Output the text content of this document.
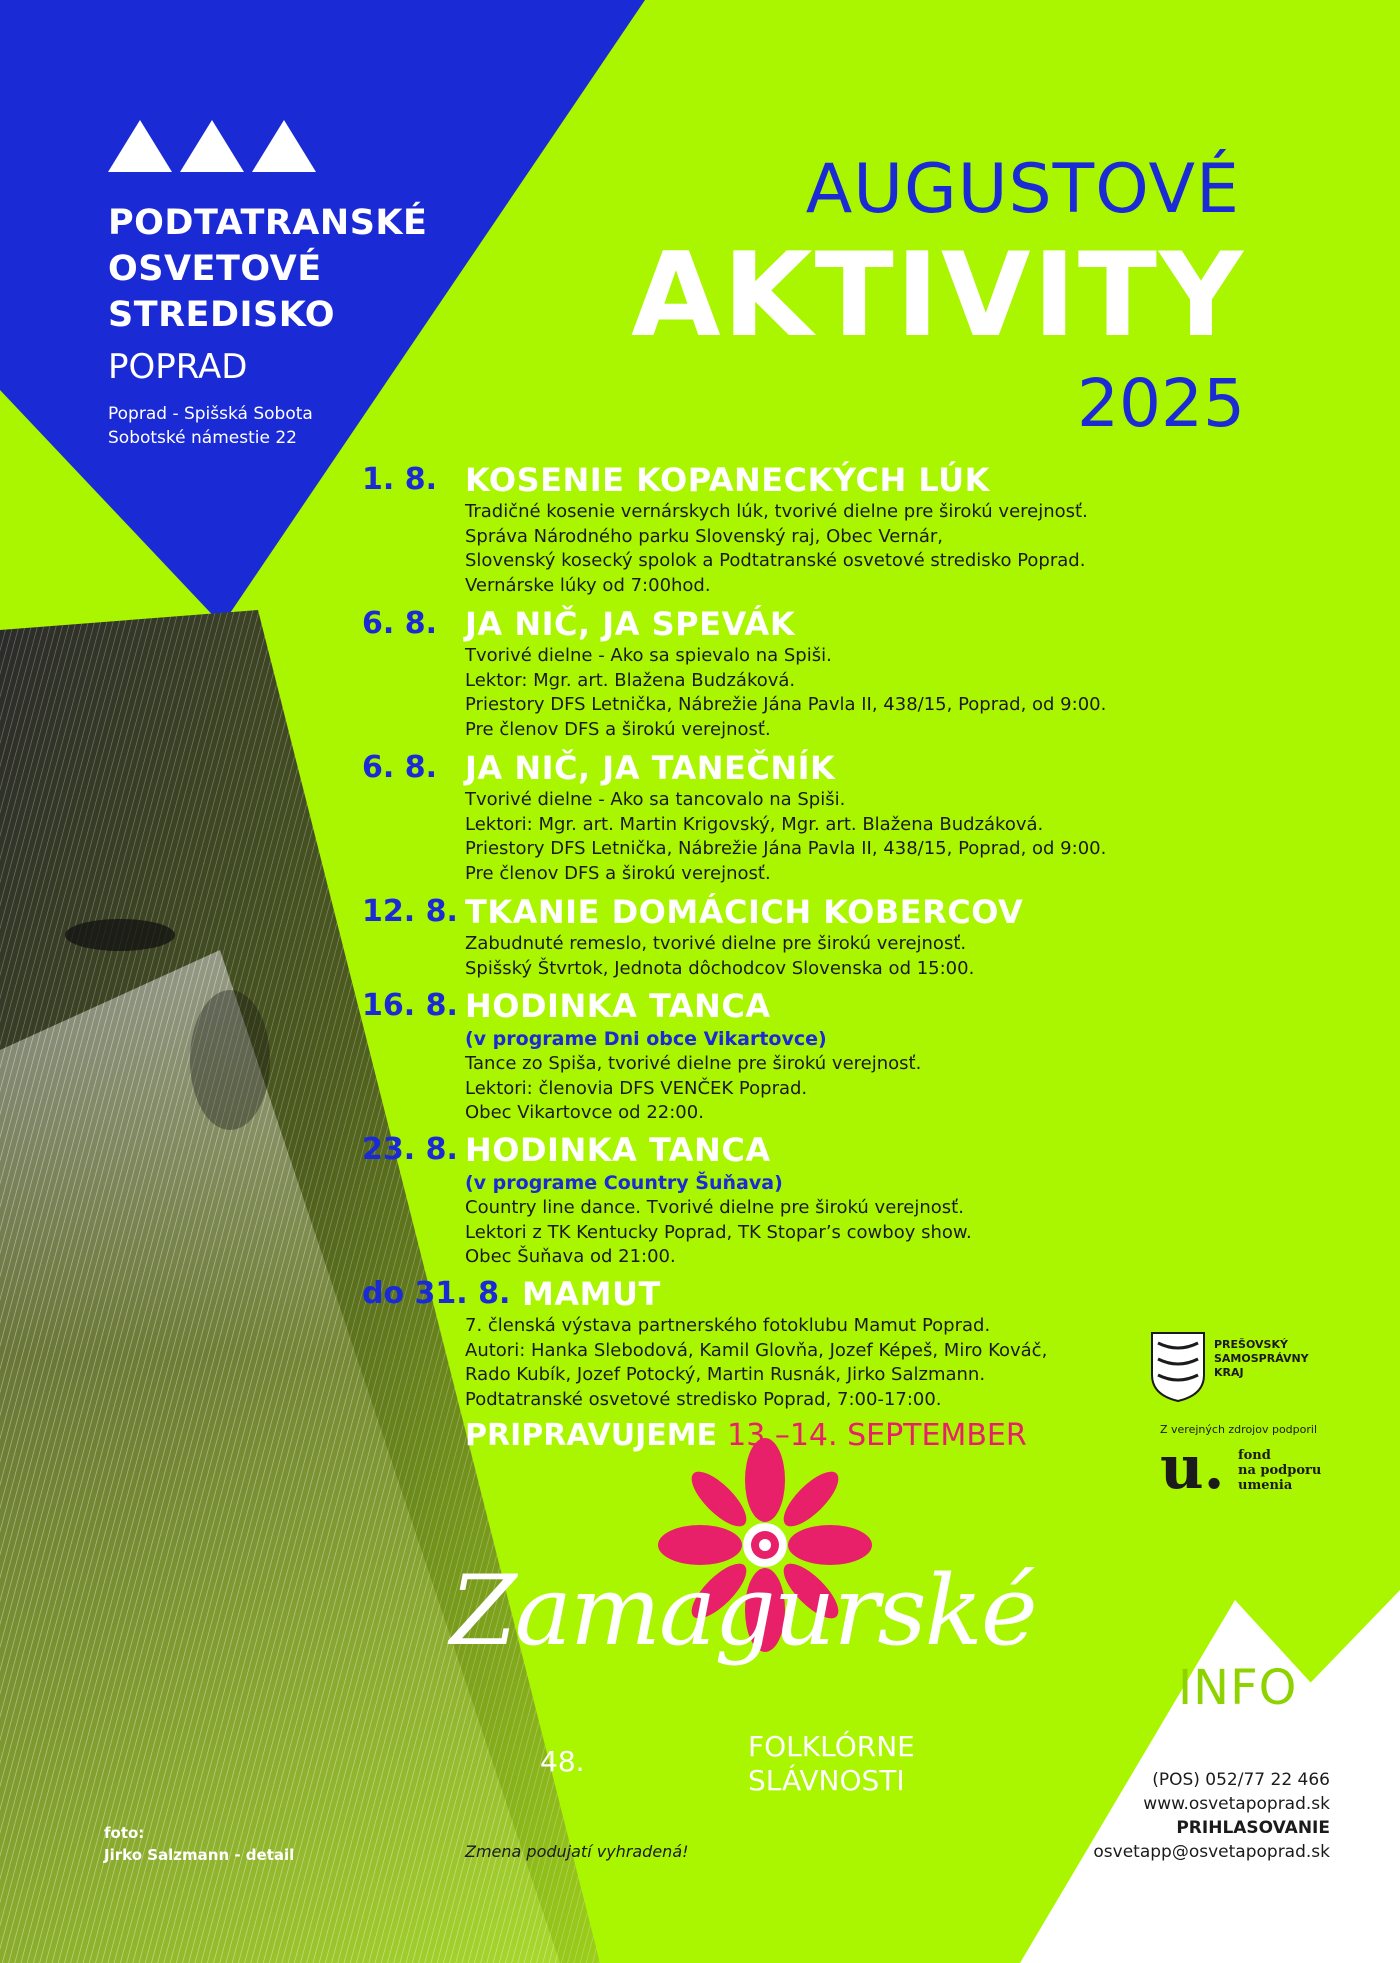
PODTATRANSKÉ
OSVETOVÉ
STREDISKO
POPRAD
Poprad - Spišská Sobota
Sobotské námestie 22
AUGUSTOVÉ
AKTIVITY
2025
1. 8. KOSENIE KOPANECKÝCH LÚK
Tradičné kosenie vernárskych lúk, tvorivé dielne pre širokú verejnosť.
Správa Národného parku Slovenský raj, Obec Vernár,
Slovenský kosecký spolok a Podtatranské osvetové stredisko Poprad.
Vernárske lúky od 7:00hod.
6. 8. JA NIČ, JA SPEVÁK
Tvorivé dielne - Ako sa spievalo na Spiši.
Lektor: Mgr. art. Blažena Budzáková.
Priestory DFS Letnička, Nábrežie Jána Pavla II, 438/15, Poprad, od 9:00.
Pre členov DFS a širokú verejnosť.
6. 8. JA NIČ, JA TANEČNÍK
Tvorivé dielne - Ako sa tancovalo na Spiši.
Lektori: Mgr. art. Martin Krigovský, Mgr. art. Blažena Budzáková.
Priestory DFS Letnička, Nábrežie Jána Pavla II, 438/15, Poprad, od 9:00.
Pre členov DFS a širokú verejnosť.
12. 8. TKANIE DOMÁCICH KOBERCOV
Zabudnuté remeslo, tvorivé dielne pre širokú verejnosť.
Spišský Štvrtok, Jednota dôchodcov Slovenska od 15:00.
16. 8. HODINKA TANCA
(v programe Dni obce Vikartovce)
Tance zo Spiša, tvorivé dielne pre širokú verejnosť.
Lektori: členovia DFS VENČEK Poprad.
Obec Vikartovce od 22:00.
23. 8. HODINKA TANCA
(v programe Country Šuňava)
Country line dance. Tvorivé dielne pre širokú verejnosť.
Lektori z TK Kentucky Poprad, TK Stopar’s cowboy show.
Obec Šuňava od 21:00.
do 31. 8. MAMUT
7. členská výstava partnerského fotoklubu Mamut Poprad.
Autori: Hanka Slebodová, Kamil Glovňa, Jozef Képeš, Miro Kováč,
Rado Kubík, Jozef Potocký, Martin Rusnák, Jirko Salzmann.
Podtatranské osvetové stredisko Poprad, 7:00-17:00.
PRIPRAVUJEME 13.–14. SEPTEMBER
Zamagurské
48.	FOLKLÓRNE
SLÁVNOSTI
Zmena podujatí vyhradená!
foto:
Jirko Salzmann - detail
PREŠOVSKÝ
SAMOSPRÁVNY
KRAJ
Z verejných zdrojov podporil
u. fond
na podporu
umenia
INFO
(POS) 052/77 22 466
www.osvetapoprad.sk
PRIHLASOVANIE
osvetapp@osvetapoprad.sk
